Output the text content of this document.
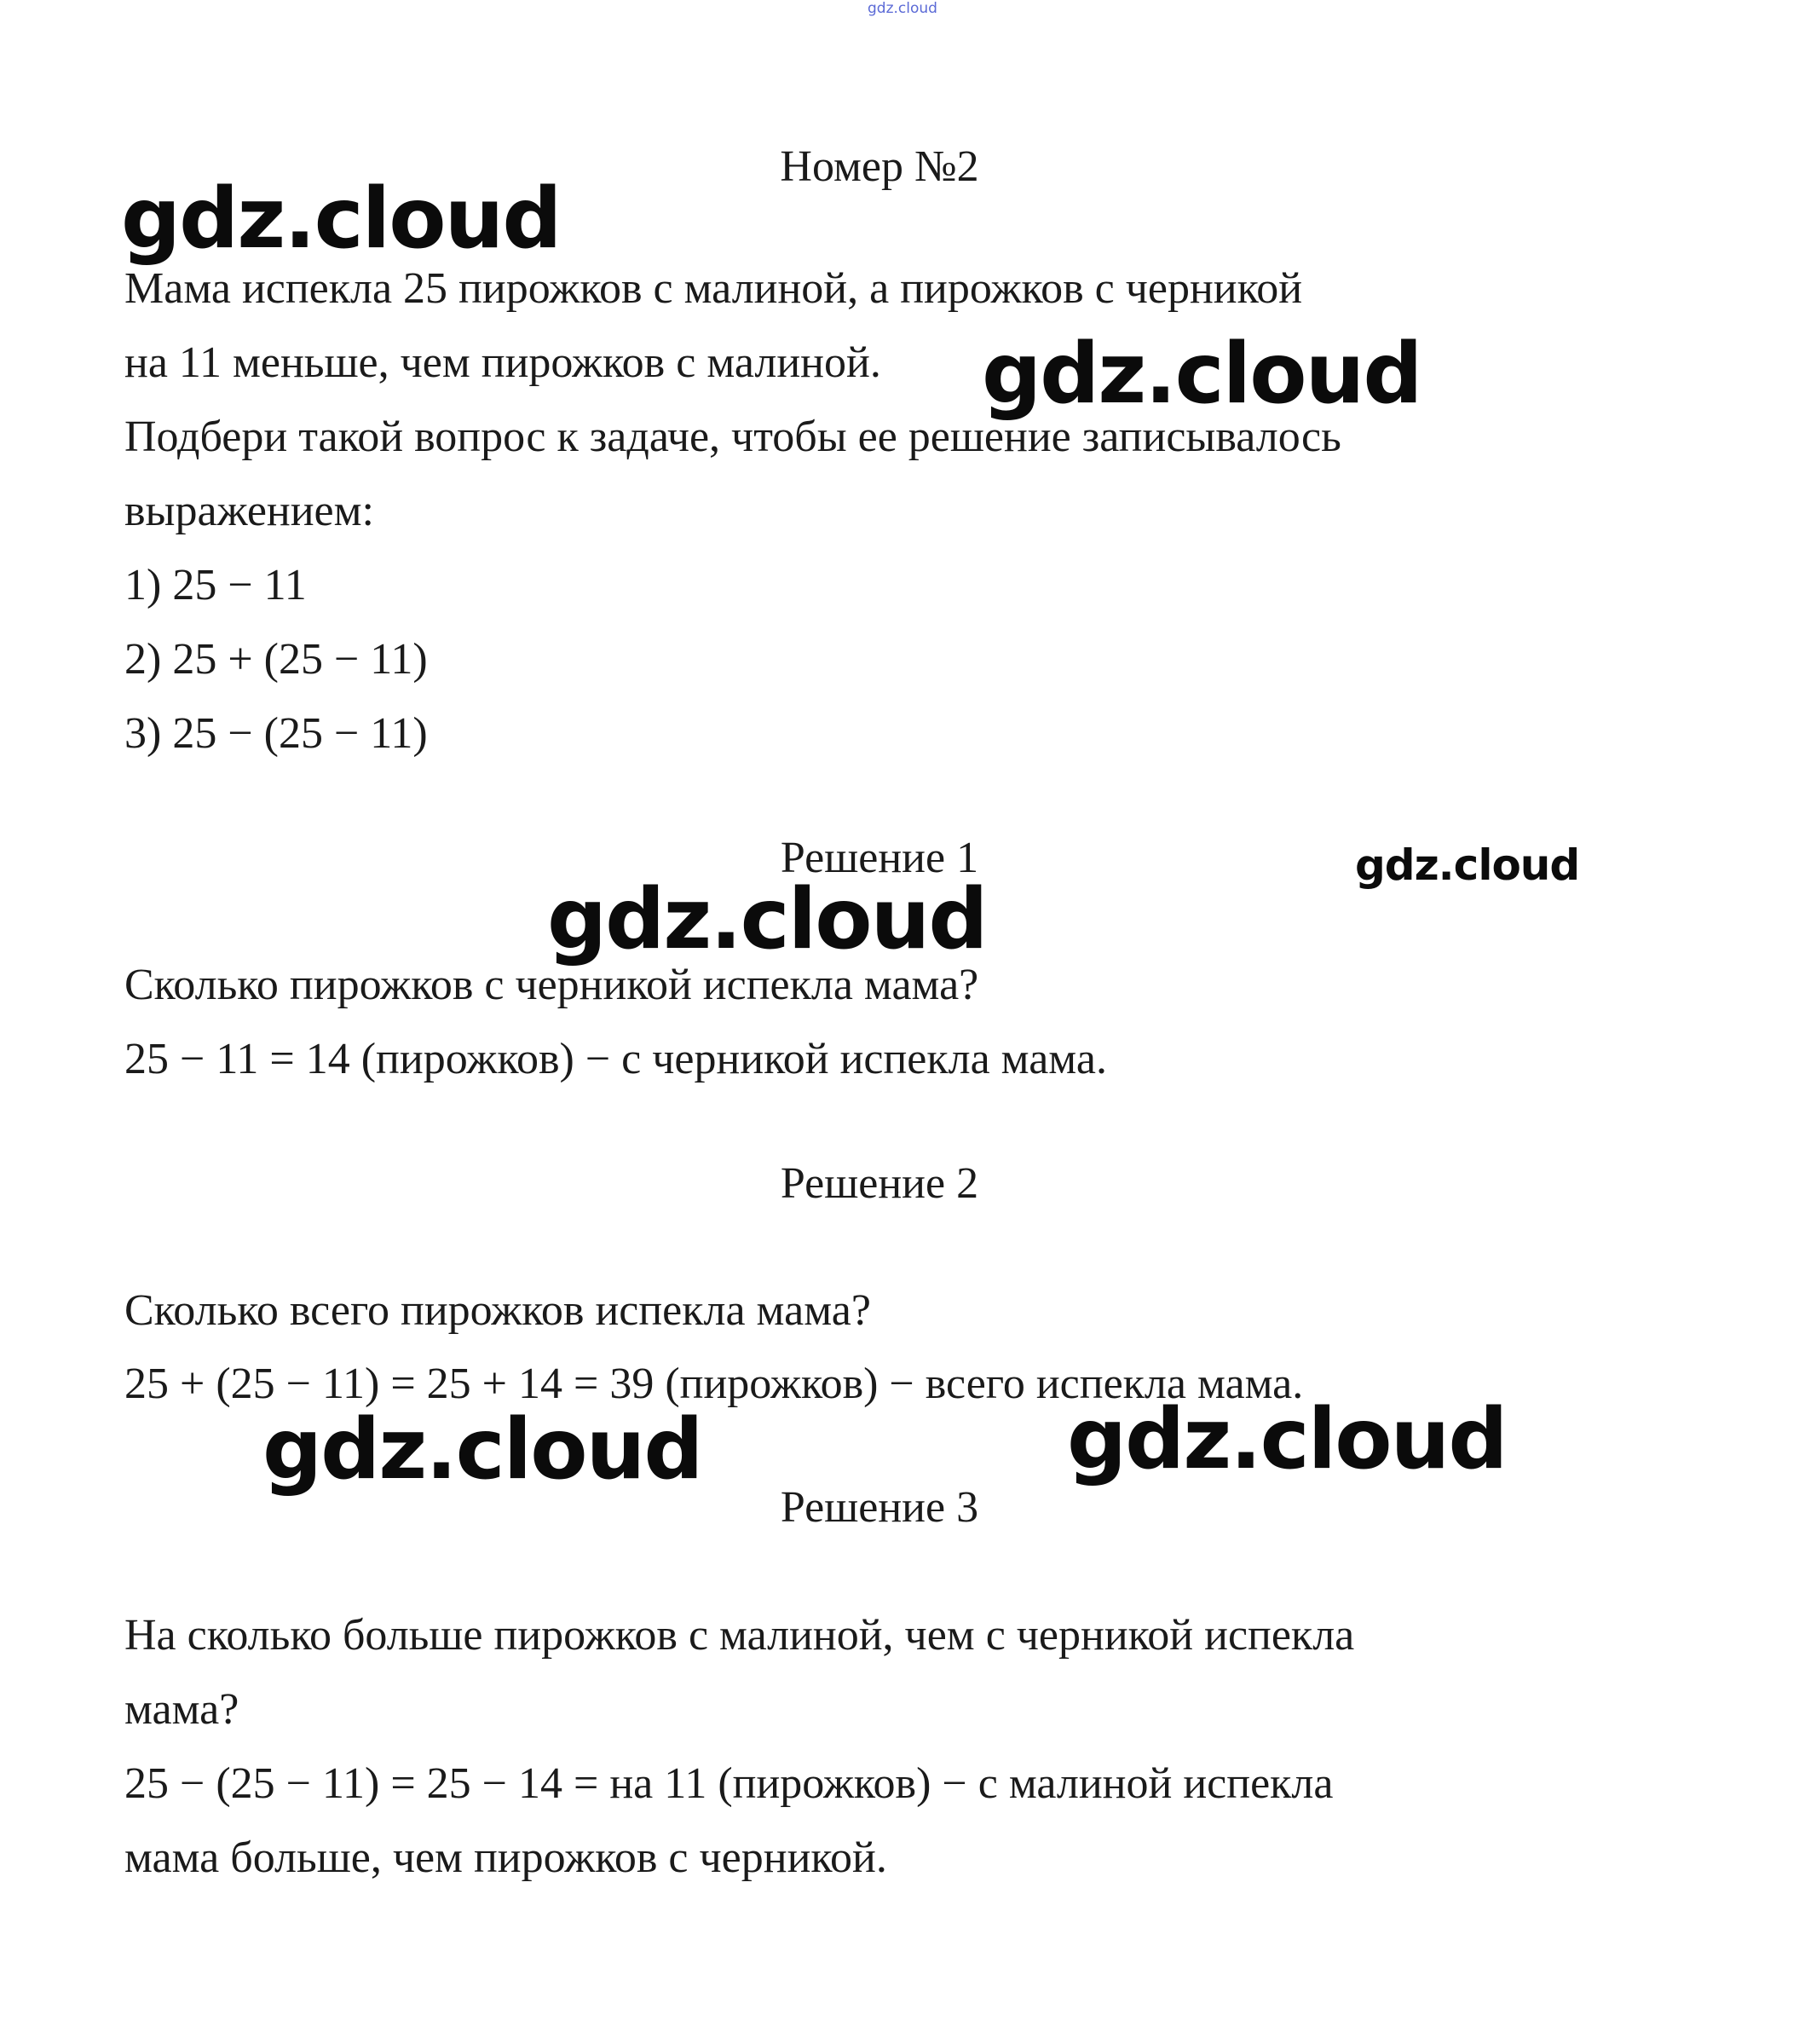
gdz.cloud
Номер №2
Мама испекла 25 пирожков с малиной, а пирожков с черникой
на 11 меньше, чем пирожков с малиной.
Подбери такой вопрос к задаче, чтобы ее решение записывалось
выражением:
1) 25 − 11
2) 25 + (25 − 11)
3) 25 − (25 − 11)
Решение 1
Сколько пирожков с черникой испекла мама?
25 − 11 = 14 (пирожков) − с черникой испекла мама.
Решение 2
Сколько всего пирожков испекла мама?
25 + (25 − 11) = 25 + 14 = 39 (пирожков) − всего испекла мама.
Решение 3
На сколько больше пирожков с малиной, чем с черникой испекла
мама?
25 − (25 − 11) = 25 − 14 = на 11 (пирожков) − с малиной испекла
мама больше, чем пирожков с черникой.
gdz.cloud
gdz.cloud
gdz.cloud
gdz.cloud
gdz.cloud	gdz.cloud
